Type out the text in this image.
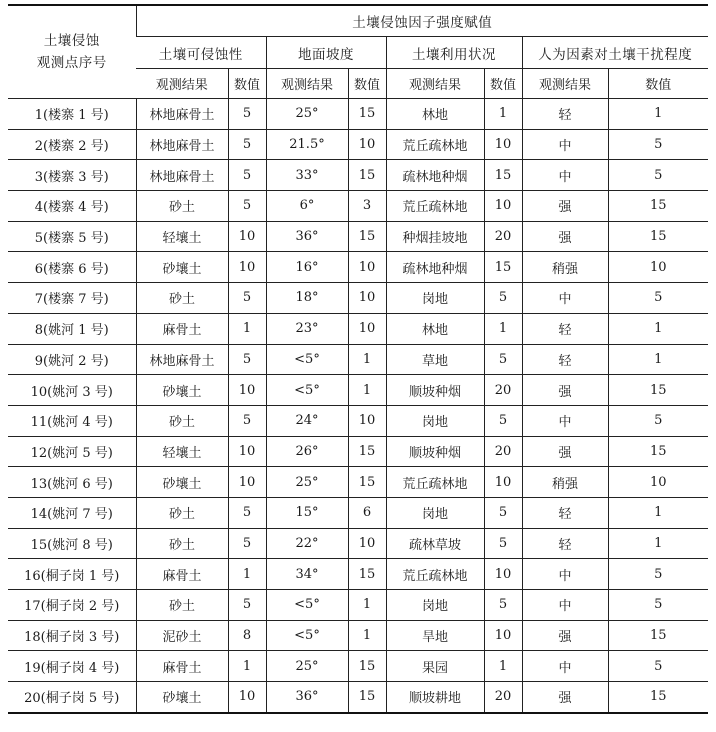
土壤侵蚀
观测点序号	土壤侵蚀因子强度赋值							
	土壤可侵蚀性		地面坡度		土壤利用状况		人为因素对土壤干扰程度	
	观测结果	数值	观测结果	数值	观测结果	数值	观测结果	数值
1(楼寨 1 号)	林地麻骨土	5	25°	15	林地	1	轻	1
2(楼寨 2 号)	林地麻骨土	5	21.5°	10	荒丘疏林地	10	中	5
3(楼寨 3 号)	林地麻骨土	5	33°	15	疏林地种烟	15	中	5
4(楼寨 4 号)	砂土	5	6°	3	荒丘疏林地	10	强	15
5(楼寨 5 号)	轻壤土	10	36°	15	种烟挂坡地	20	强	15
6(楼寨 6 号)	砂壤土	10	16°	10	疏林地种烟	15	稍强	10
7(楼寨 7 号)	砂土	5	18°	10	岗地	5	中	5
8(姚河 1 号)	麻骨土	1	23°	10	林地	1	轻	1
9(姚河 2 号)	林地麻骨土	5	<5°	1	草地	5	轻	1
10(姚河 3 号)	砂壤土	10	<5°	1	顺坡种烟	20	强	15
11(姚河 4 号)	砂土	5	24°	10	岗地	5	中	5
12(姚河 5 号)	轻壤土	10	26°	15	顺坡种烟	20	强	15
13(姚河 6 号)	砂壤土	10	25°	15	荒丘疏林地	10	稍强	10
14(姚河 7 号)	砂土	5	15°	6	岗地	5	轻	1
15(姚河 8 号)	砂土	5	22°	10	疏林草坡	5	轻	1
16(桐子岗 1 号)	麻骨土	1	34°	15	荒丘疏林地	10	中	5
17(桐子岗 2 号)	砂土	5	<5°	1	岗地	5	中	5
18(桐子岗 3 号)	泥砂土	8	<5°	1	旱地	10	强	15
19(桐子岗 4 号)	麻骨土	1	25°	15	果园	1	中	5
20(桐子岗 5 号)	砂壤土	10	36°	15	顺坡耕地	20	强	15
